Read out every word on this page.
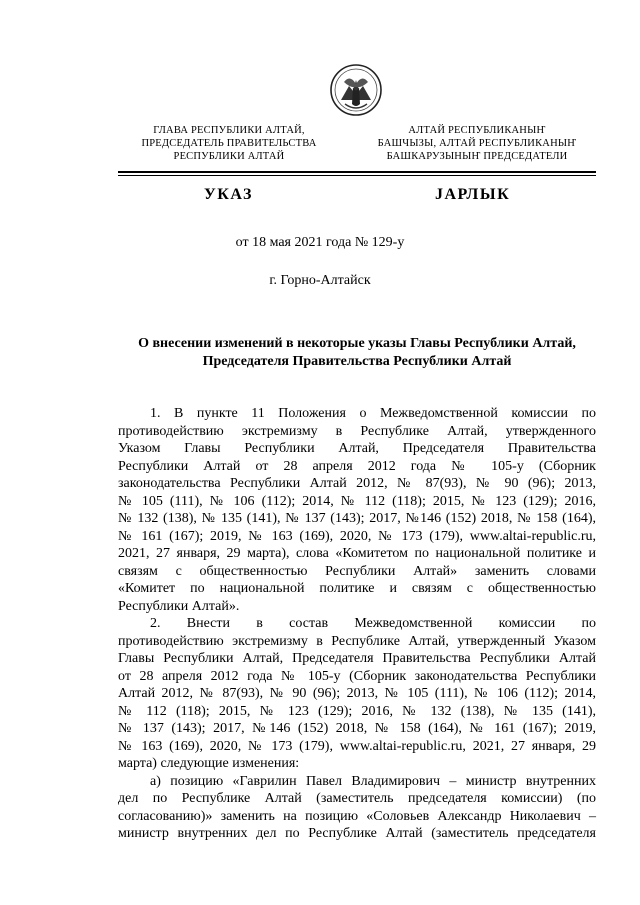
ГЛАВА РЕСПУБЛИКИ АЛТАЙ,
ПРЕДСЕДАТЕЛЬ ПРАВИТЕЛЬСТВА
РЕСПУБЛИКИ АЛТАЙ
АЛТАЙ РЕСПУБЛИКАНЫҤ
БАШЧЫЗЫ, АЛТАЙ РЕСПУБЛИКАНЫҤ
БАШКАРУЗЫНЫҤ ПРЕДСЕДАТЕЛИ
УКАЗ	JАРЛЫК
от 18 мая 2021 года № 129-у
г. Горно-Алтайск
О внесении изменений в некоторые указы Главы Республики Алтай,
Председателя Правительства Республики Алтай
1. В пункте 11 Положения о Межведомственной комиссии по
противодействию экстремизму в Республике Алтай, утвержденного
Указом Главы Республики Алтай, Председателя Правительства
Республики Алтай от 28 апреля 2012 года № 105-у (Сборник
законодательства Республики Алтай 2012, № 87(93), № 90 (96); 2013,
№ 105 (111), № 106 (112); 2014, № 112 (118); 2015, № 123 (129); 2016,
№ 132 (138), № 135 (141), № 137 (143); 2017, №146 (152) 2018, № 158 (164),
№ 161 (167); 2019, № 163 (169), 2020, № 173 (179), www.altai-republic.ru,
2021, 27 января, 29 марта), слова «Комитетом по национальной политике и
связям с общественностью Республики Алтай» заменить словами
«Комитет по национальной политике и связям с общественностью
Республики Алтай».
2. Внести в состав Межведомственной комиссии по
противодействию экстремизму в Республике Алтай, утвержденный Указом
Главы Республики Алтай, Председателя Правительства Республики Алтай
от 28 апреля 2012 года № 105-у (Сборник законодательства Республики
Алтай 2012, № 87(93), № 90 (96); 2013, № 105 (111), № 106 (112); 2014,
№ 112 (118); 2015, № 123 (129); 2016, № 132 (138), № 135 (141),
№ 137 (143); 2017, №146 (152) 2018, № 158 (164), № 161 (167); 2019,
№ 163 (169), 2020, № 173 (179), www.altai-republic.ru, 2021, 27 января, 29
марта) следующие изменения:
а) позицию «Гаврилин Павел Владимирович – министр внутренних
дел по Республике Алтай (заместитель председателя комиссии) (по
согласованию)» заменить на позицию «Соловьев Александр Николаевич –
министр внутренних дел по Республике Алтай (заместитель председателя
